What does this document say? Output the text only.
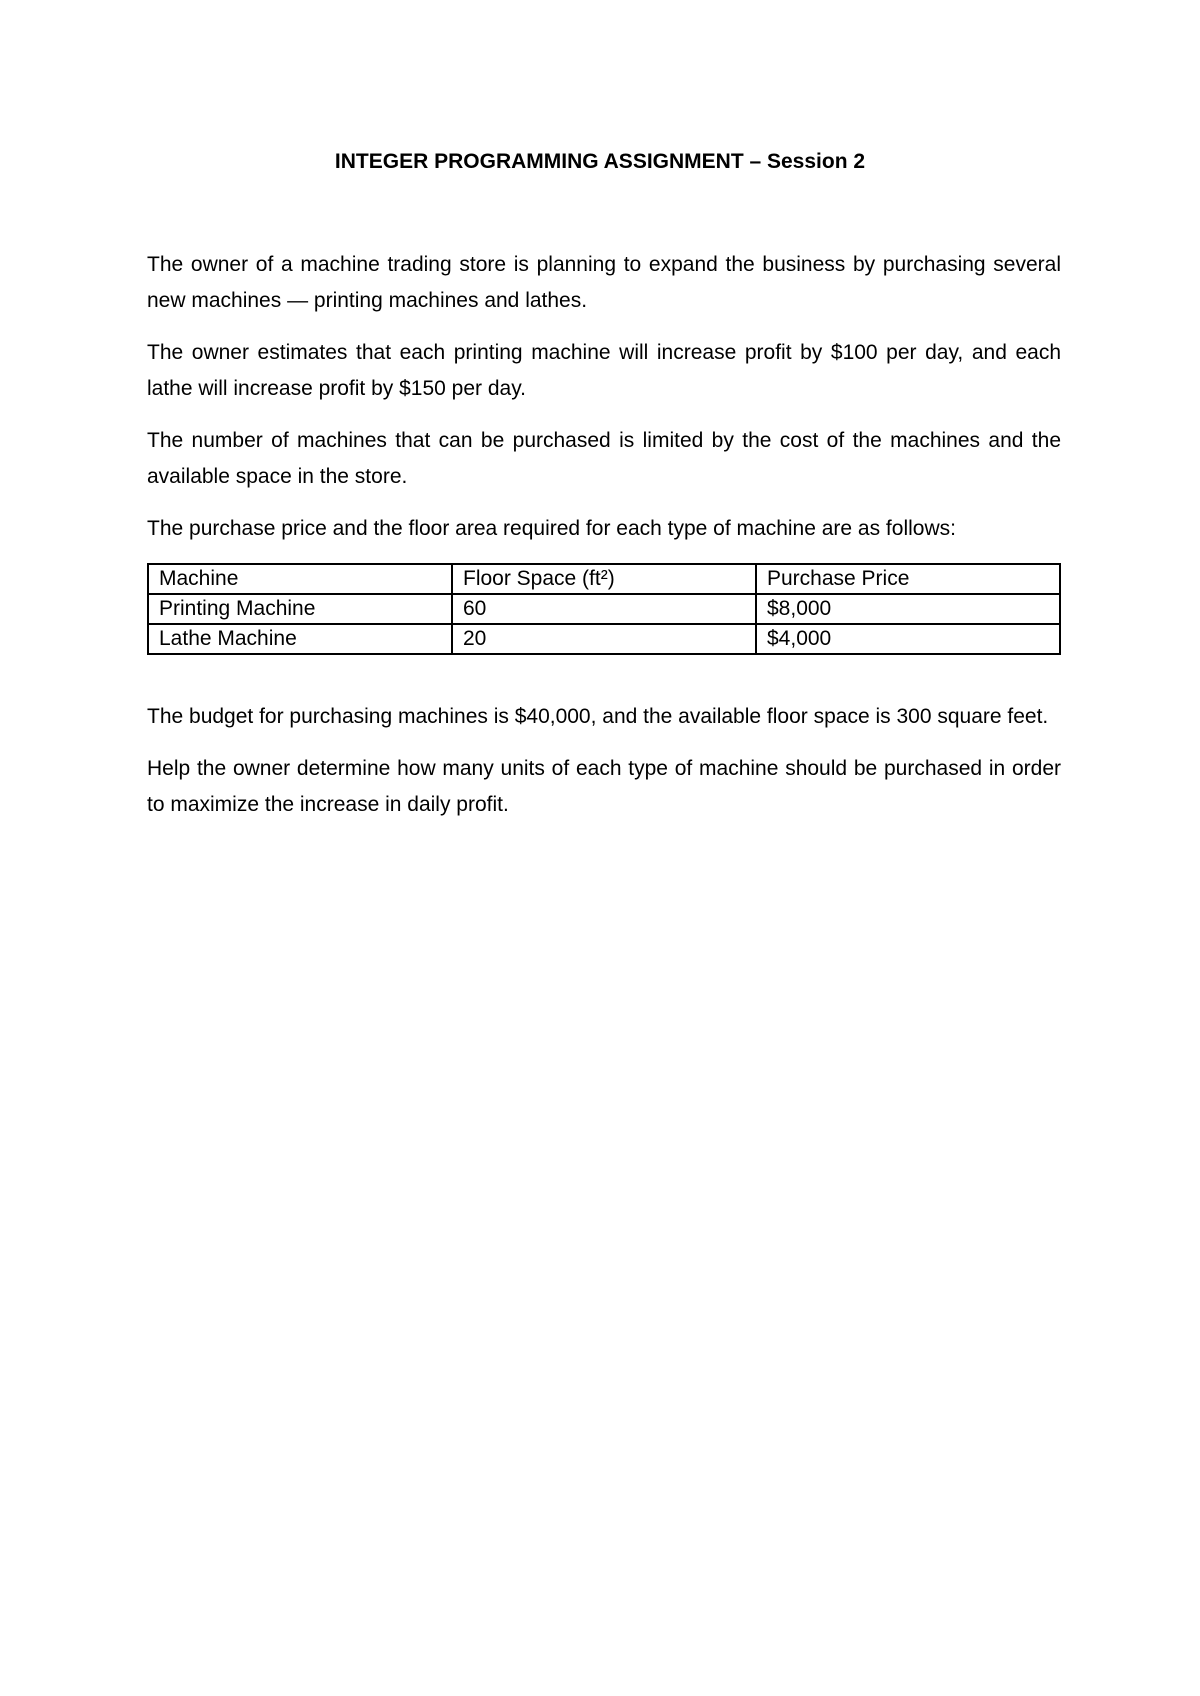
INTEGER PROGRAMMING ASSIGNMENT – Session 2

The owner of a machine trading store is planning to expand the business by purchasing several new machines — printing machines and lathes.

The owner estimates that each printing machine will increase profit by $100 per day, and each lathe will increase profit by $150 per day.

The number of machines that can be purchased is limited by the cost of the machines and the available space in the store.

The purchase price and the floor area required for each type of machine are as follows:

Machine	Floor Space (ft²)	Purchase Price
Printing Machine	60	$8,000
Lathe Machine	20	$4,000

The budget for purchasing machines is $40,000, and the available floor space is 300 square feet.

Help the owner determine how many units of each type of machine should be purchased in order to maximize the increase in daily profit.
